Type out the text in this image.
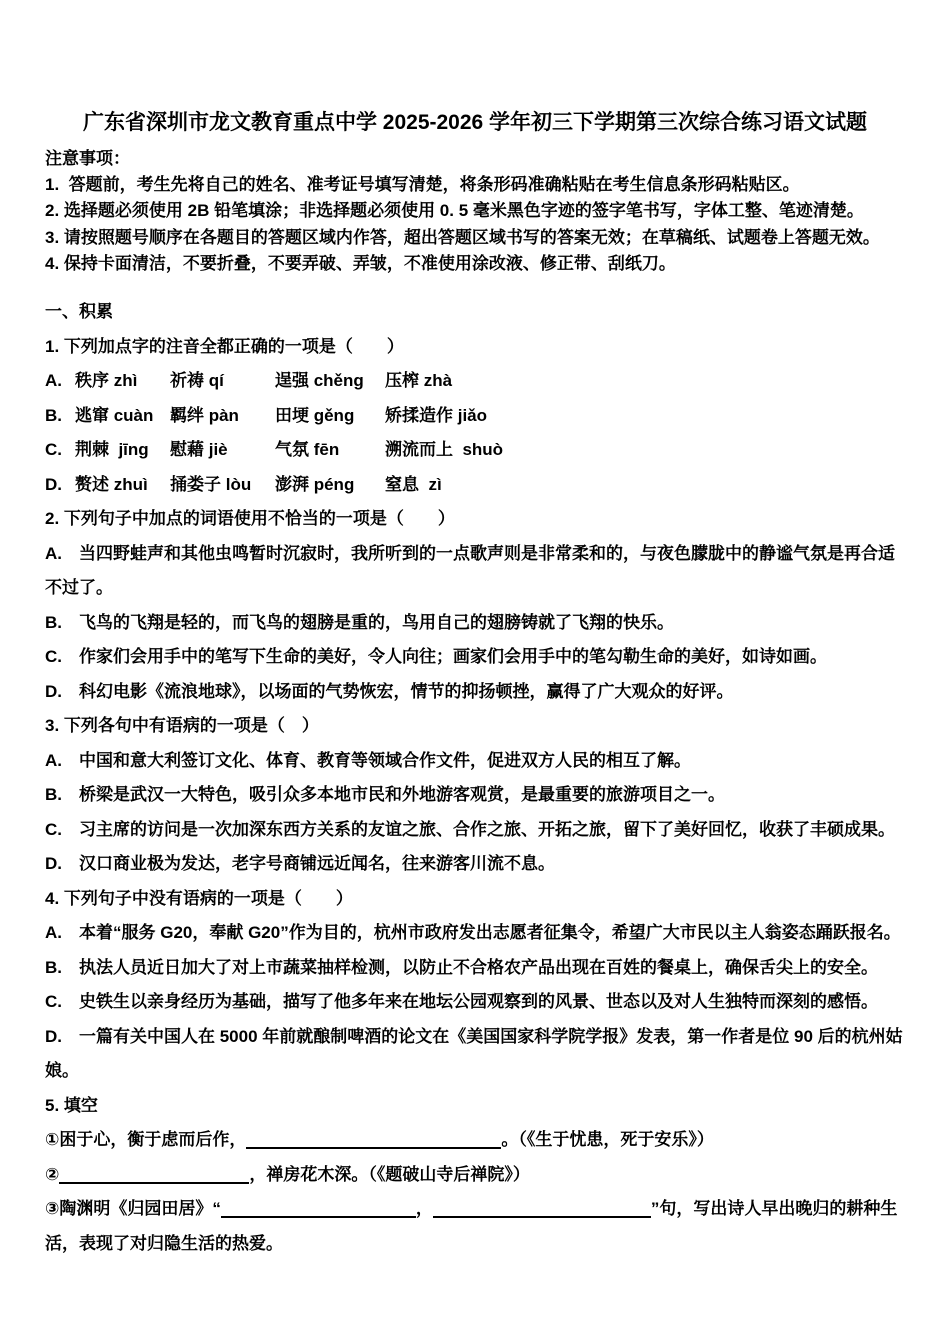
广东省深圳市龙文教育重点中学 2025-2026 学年初三下学期第三次综合练习语文试题

注意事项：

1.  答题前，考生先将自己的姓名、准考证号填写清楚，将条形码准确粘贴在考生信息条形码粘贴区。

2. 选择题必须使用 2B 铅笔填涂；非选择题必须使用 0. 5 毫米黑色字迹的签字笔书写，字体工整、笔迹清楚。

3. 请按照题号顺序在各题目的答题区域内作答，超出答题区域书写的答案无效；在草稿纸、试题卷上答题无效。

4. 保持卡面清洁，不要折叠，不要弄破、弄皱，不准使用涂改液、修正带、刮纸刀。

一、积累

1. 下列加点字的注音全都正确的一项是（　　）

A. 秩序 zhì	祈祷 qí	逞强 chěng	压榨 zhà
B. 逃窜 cuàn 羁绊 pàn	田埂 gěng	矫揉造作 jiǎo
C. 荆棘  jīng	慰藉 jiè	气氛 fēn	溯流而上  shuò
D. 赘述 zhuì	捅娄子 lòu	澎湃 péng	窒息  zì

2. 下列句子中加点的词语使用不恰当的一项是（　　）

A.　当四野蛙声和其他虫鸣暂时沉寂时，我所听到的一点歌声则是非常柔和的，与夜色朦胧中的静谧气氛是再合适不过了。

B.　飞鸟的飞翔是轻的，而飞鸟的翅膀是重的，鸟用自己的翅膀铸就了飞翔的快乐。

C.　作家们会用手中的笔写下生命的美好，令人向往；画家们会用手中的笔勾勒生命的美好，如诗如画。

D.　科幻电影《流浪地球》，以场面的气势恢宏，情节的抑扬顿挫，赢得了广大观众的好评。

3. 下列各句中有语病的一项是（　）

A.　中国和意大利签订文化、体育、教育等领域合作文件，促进双方人民的相互了解。

B.　桥梁是武汉一大特色，吸引众多本地市民和外地游客观赏，是最重要的旅游项目之一。

C.　习主席的访问是一次加深东西方关系的友谊之旅、合作之旅、开拓之旅，留下了美好回忆，收获了丰硕成果。

D.　汉口商业极为发达，老字号商铺远近闻名，往来游客川流不息。

4. 下列句子中没有语病的一项是（　　）

A.　本着“服务 G20，奉献 G20”作为目的，杭州市政府发出志愿者征集令，希望广大市民以主人翁姿态踊跃报名。

B.　执法人员近日加大了对上市蔬菜抽样检测，以防止不合格农产品出现在百姓的餐桌上，确保舌尖上的安全。

C.　史铁生以亲身经历为基础，描写了他多年来在地坛公园观察到的风景、世态以及对人生独特而深刻的感悟。

D.　一篇有关中国人在 5000 年前就酿制啤酒的论文在《美国国家科学院学报》发表，第一作者是位 90 后的杭州姑娘。

5. 填空

①困于心，衡于虑而后作，	。（《生于忧患，死于安乐》）

②	，禅房花木深。（《题破山寺后禅院》）

③陶渊明《归园田居》“	，	”句，写出诗人早出晚归的耕种生活，表现了对归隐生活的热爱。
